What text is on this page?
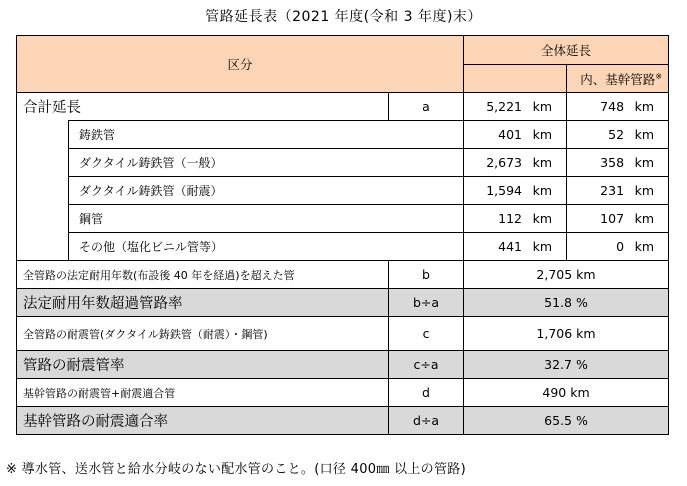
管路延長表（2021 年度(令和 3 年度)末）
区分			全体延長	
				内、基幹管路※
合計延長		a	5,221 km	748 km
	鋳鉄管		401 km	52 km
	ダクタイル鋳鉄管（一般）		2,673 km	358 km
	ダクタイル鋳鉄管（耐震）		1,594 km	231 km
	鋼管		112 km	107 km
	その他（塩化ビニル管等）		441 km	0 km
全管路の法定耐用年数(布設後 40 年を経過)を超えた管		b	2,705 km	
法定耐用年数超過管路率		b÷a	51.8 %	
全管路の耐震管(ダクタイル鋳鉄管（耐震）・鋼管)		c	1,706 km	
管路の耐震管率		c÷a	32.7 %	
基幹管路の耐震管+耐震適合管		d	490 km	
基幹管路の耐震適合率		d÷a	65.5 %	
※ 導水管、送水管と給水分岐のない配水管のこと。(口径 400㎜ 以上の管路)
